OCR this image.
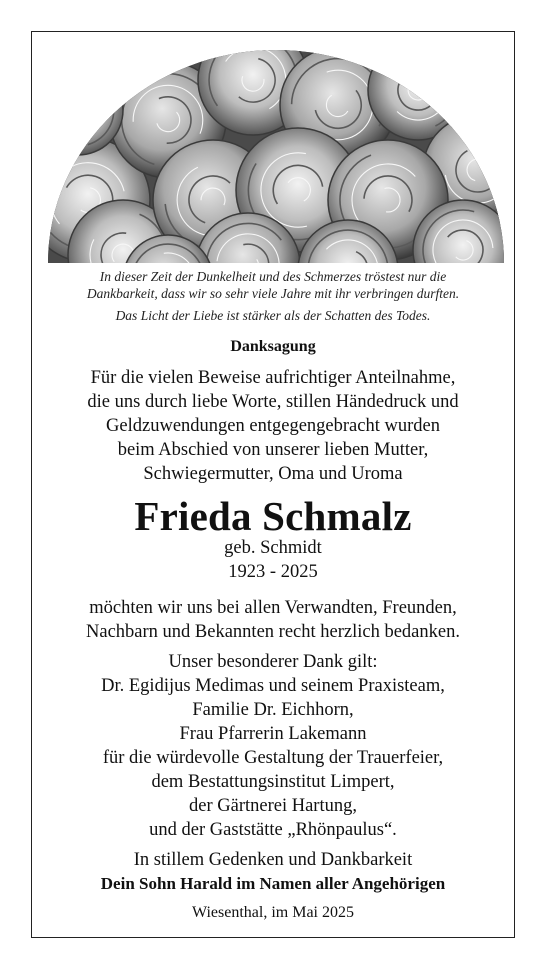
In dieser Zeit der Dunkelheit und des Schmerzes tröstest nur die
Dankbarkeit, dass wir so sehr viele Jahre mit ihr verbringen durften.
Das Licht der Liebe ist stärker als der Schatten des Todes.
Danksagung
Für die vielen Beweise aufrichtiger Anteilnahme,
die uns durch liebe Worte, stillen Händedruck und
Geldzuwendungen entgegengebracht wurden
beim Abschied von unserer lieben Mutter,
Schwiegermutter, Oma und Uroma
Frieda Schmalz
geb. Schmidt
1923 - 2025
möchten wir uns bei allen Verwandten, Freunden,
Nachbarn und Bekannten recht herzlich bedanken.
Unser besonderer Dank gilt:
Dr. Egidijus Medimas und seinem Praxisteam,
Familie Dr. Eichhorn,
Frau Pfarrerin Lakemann
für die würdevolle Gestaltung der Trauerfeier,
dem Bestattungsinstitut Limpert,
der Gärtnerei Hartung,
und der Gaststätte „Rhönpaulus“.
In stillem Gedenken und Dankbarkeit
Dein Sohn Harald im Namen aller Angehörigen
Wiesenthal, im Mai 2025
